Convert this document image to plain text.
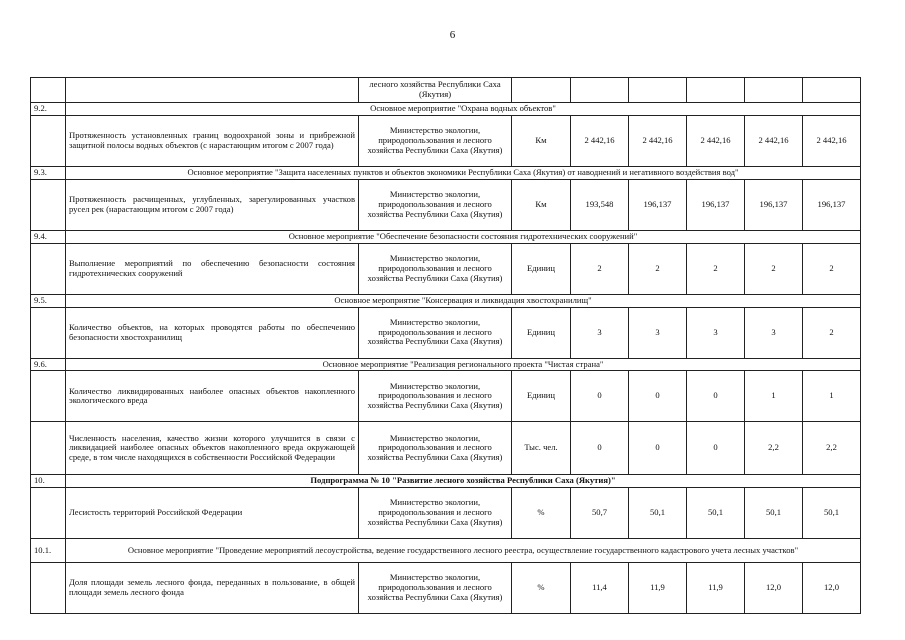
6
		лесного хозяйства Республики Саха (Якутия)						
9.2.	Основное мероприятие "Охрана водных объектов"							
	Протяженность установленных границ водоохраной зоны и прибрежной защитной полосы водных объектов (с нарастающим итогом с 2007 года)	Министерство экологии, природопользования и лесного хозяйства Республики Саха (Якутия)	Км	2 442,16	2 442,16	2 442,16	2 442,16	2 442,16
9.3.	Основное мероприятие "Защита населенных пунктов и объектов экономики Республики Саха (Якутия) от наводнений и негативного воздействия вод"							
	Протяженность расчищенных, углубленных, зарегулированных участков русел рек (нарастающим итогом с 2007 года)	Министерство экологии, природопользования и лесного хозяйства Республики Саха (Якутия)	Км	193,548	196,137	196,137	196,137	196,137
9.4.	Основное мероприятие "Обеспечение безопасности состояния гидротехнических сооружений"							
	Выполнение мероприятий по обеспечению безопасности состояния гидротехнических сооружений	Министерство экологии, природопользования и лесного хозяйства Республики Саха (Якутия)	Единиц	2	2	2	2	2
9.5.	Основное мероприятие "Консервация и ликвидация хвостохранилищ"							
	Количество объектов, на которых проводятся работы по обеспечению безопасности хвостохранилищ	Министерство экологии, природопользования и лесного хозяйства Республики Саха (Якутия)	Единиц	3	3	3	3	2
9.6.	Основное мероприятие "Реализация регионального проекта "Чистая страна"							
	Количество ликвидированных наиболее опасных объектов накопленного экологического вреда	Министерство экологии, природопользования и лесного хозяйства Республики Саха (Якутия)	Единиц	0	0	0	1	1
	Численность населения, качество жизни которого улучшится в связи с ликвидацией наиболее опасных объектов накопленного вреда окружающей среде, в том числе находящихся в собственности Российской Федерации	Министерство экологии, природопользования и лесного хозяйства Республики Саха (Якутия)	Тыс. чел.	0	0	0	2,2	2,2
10.	Подпрограмма № 10 "Развитие лесного хозяйства Республики Саха (Якутия)"							
	Лесистость территорий Российской Федерации	Министерство экологии, природопользования и лесного хозяйства Республики Саха (Якутия)	%	50,7	50,1	50,1	50,1	50,1
10.1.	Основное мероприятие "Проведение мероприятий лесоустройства, ведение государственного лесного реестра, осуществление государственного кадастрового учета лесных участков"							
	Доля площади земель лесного фонда, переданных в пользование, в общей площади земель лесного фонда	Министерство экологии, природопользования и лесного хозяйства Республики Саха (Якутия)	%	11,4	11,9	11,9	12,0	12,0
